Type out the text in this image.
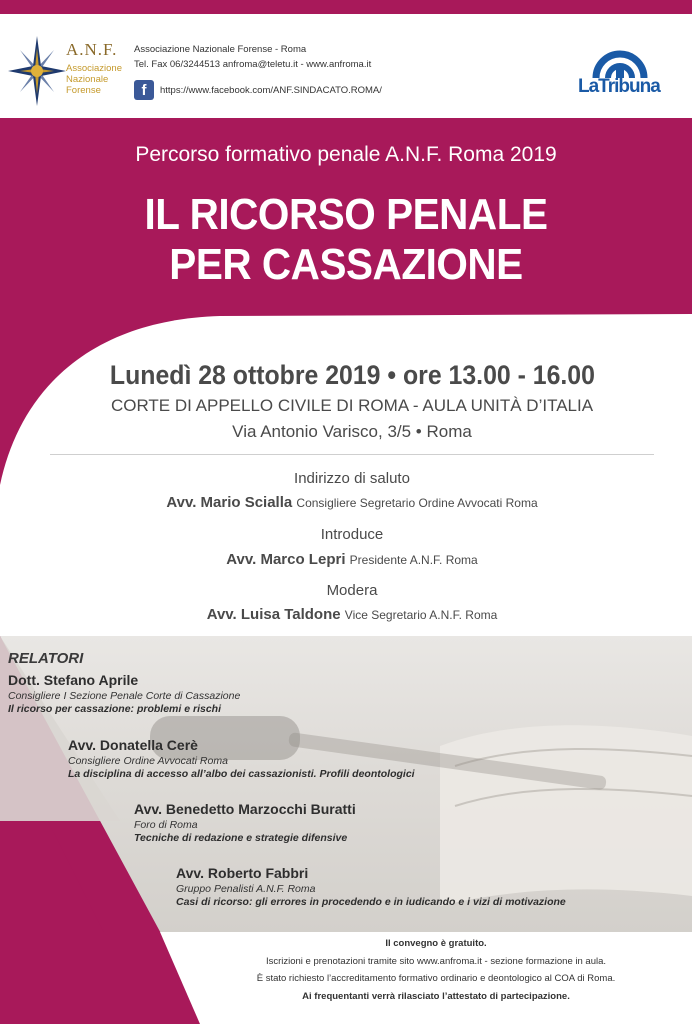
A.N.F.
Associazione
Nazionale
Forense
Associazione Nazionale Forense - Roma
Tel. Fax 06/3244513 anfroma@teletu.it - www.anfroma.it
f	https://www.facebook.com/ANF.SINDACATO.ROMA/	LaTribuna
Percorso formativo penale A.N.F. Roma 2019
IL RICORSO PENALE
PER CASSAZIONE
Lunedì 28 ottobre 2019 • ore 13.00 - 16.00
CORTE DI APPELLO CIVILE DI ROMA - AULA UNITÀ D’ITALIA
Via Antonio Varisco, 3/5 • Roma
Indirizzo di saluto
Avv. Mario Scialla Consigliere Segretario Ordine Avvocati Roma
Introduce
Avv. Marco Lepri Presidente A.N.F. Roma
Modera
Avv. Luisa Taldone Vice Segretario A.N.F. Roma
RELATORI
Dott. Stefano Aprile
Consigliere I Sezione Penale Corte di Cassazione
Il ricorso per cassazione: problemi e rischi
Avv. Donatella Cerè
Consigliere Ordine Avvocati Roma
La disciplina di accesso all’albo dei cassazionisti. Profili deontologici
Avv. Benedetto Marzocchi Buratti
Foro di Roma
Tecniche di redazione e strategie difensive
Avv. Roberto Fabbri
Gruppo Penalisti A.N.F. Roma
Casi di ricorso: gli errores in procedendo e in iudicando e i vizi di motivazione
Il convegno è gratuito.
Iscrizioni e prenotazioni tramite sito www.anfroma.it - sezione formazione in aula.
È stato richiesto l’accreditamento formativo ordinario e deontologico al COA di Roma.
Ai frequentanti verrà rilasciato l’attestato di partecipazione.
